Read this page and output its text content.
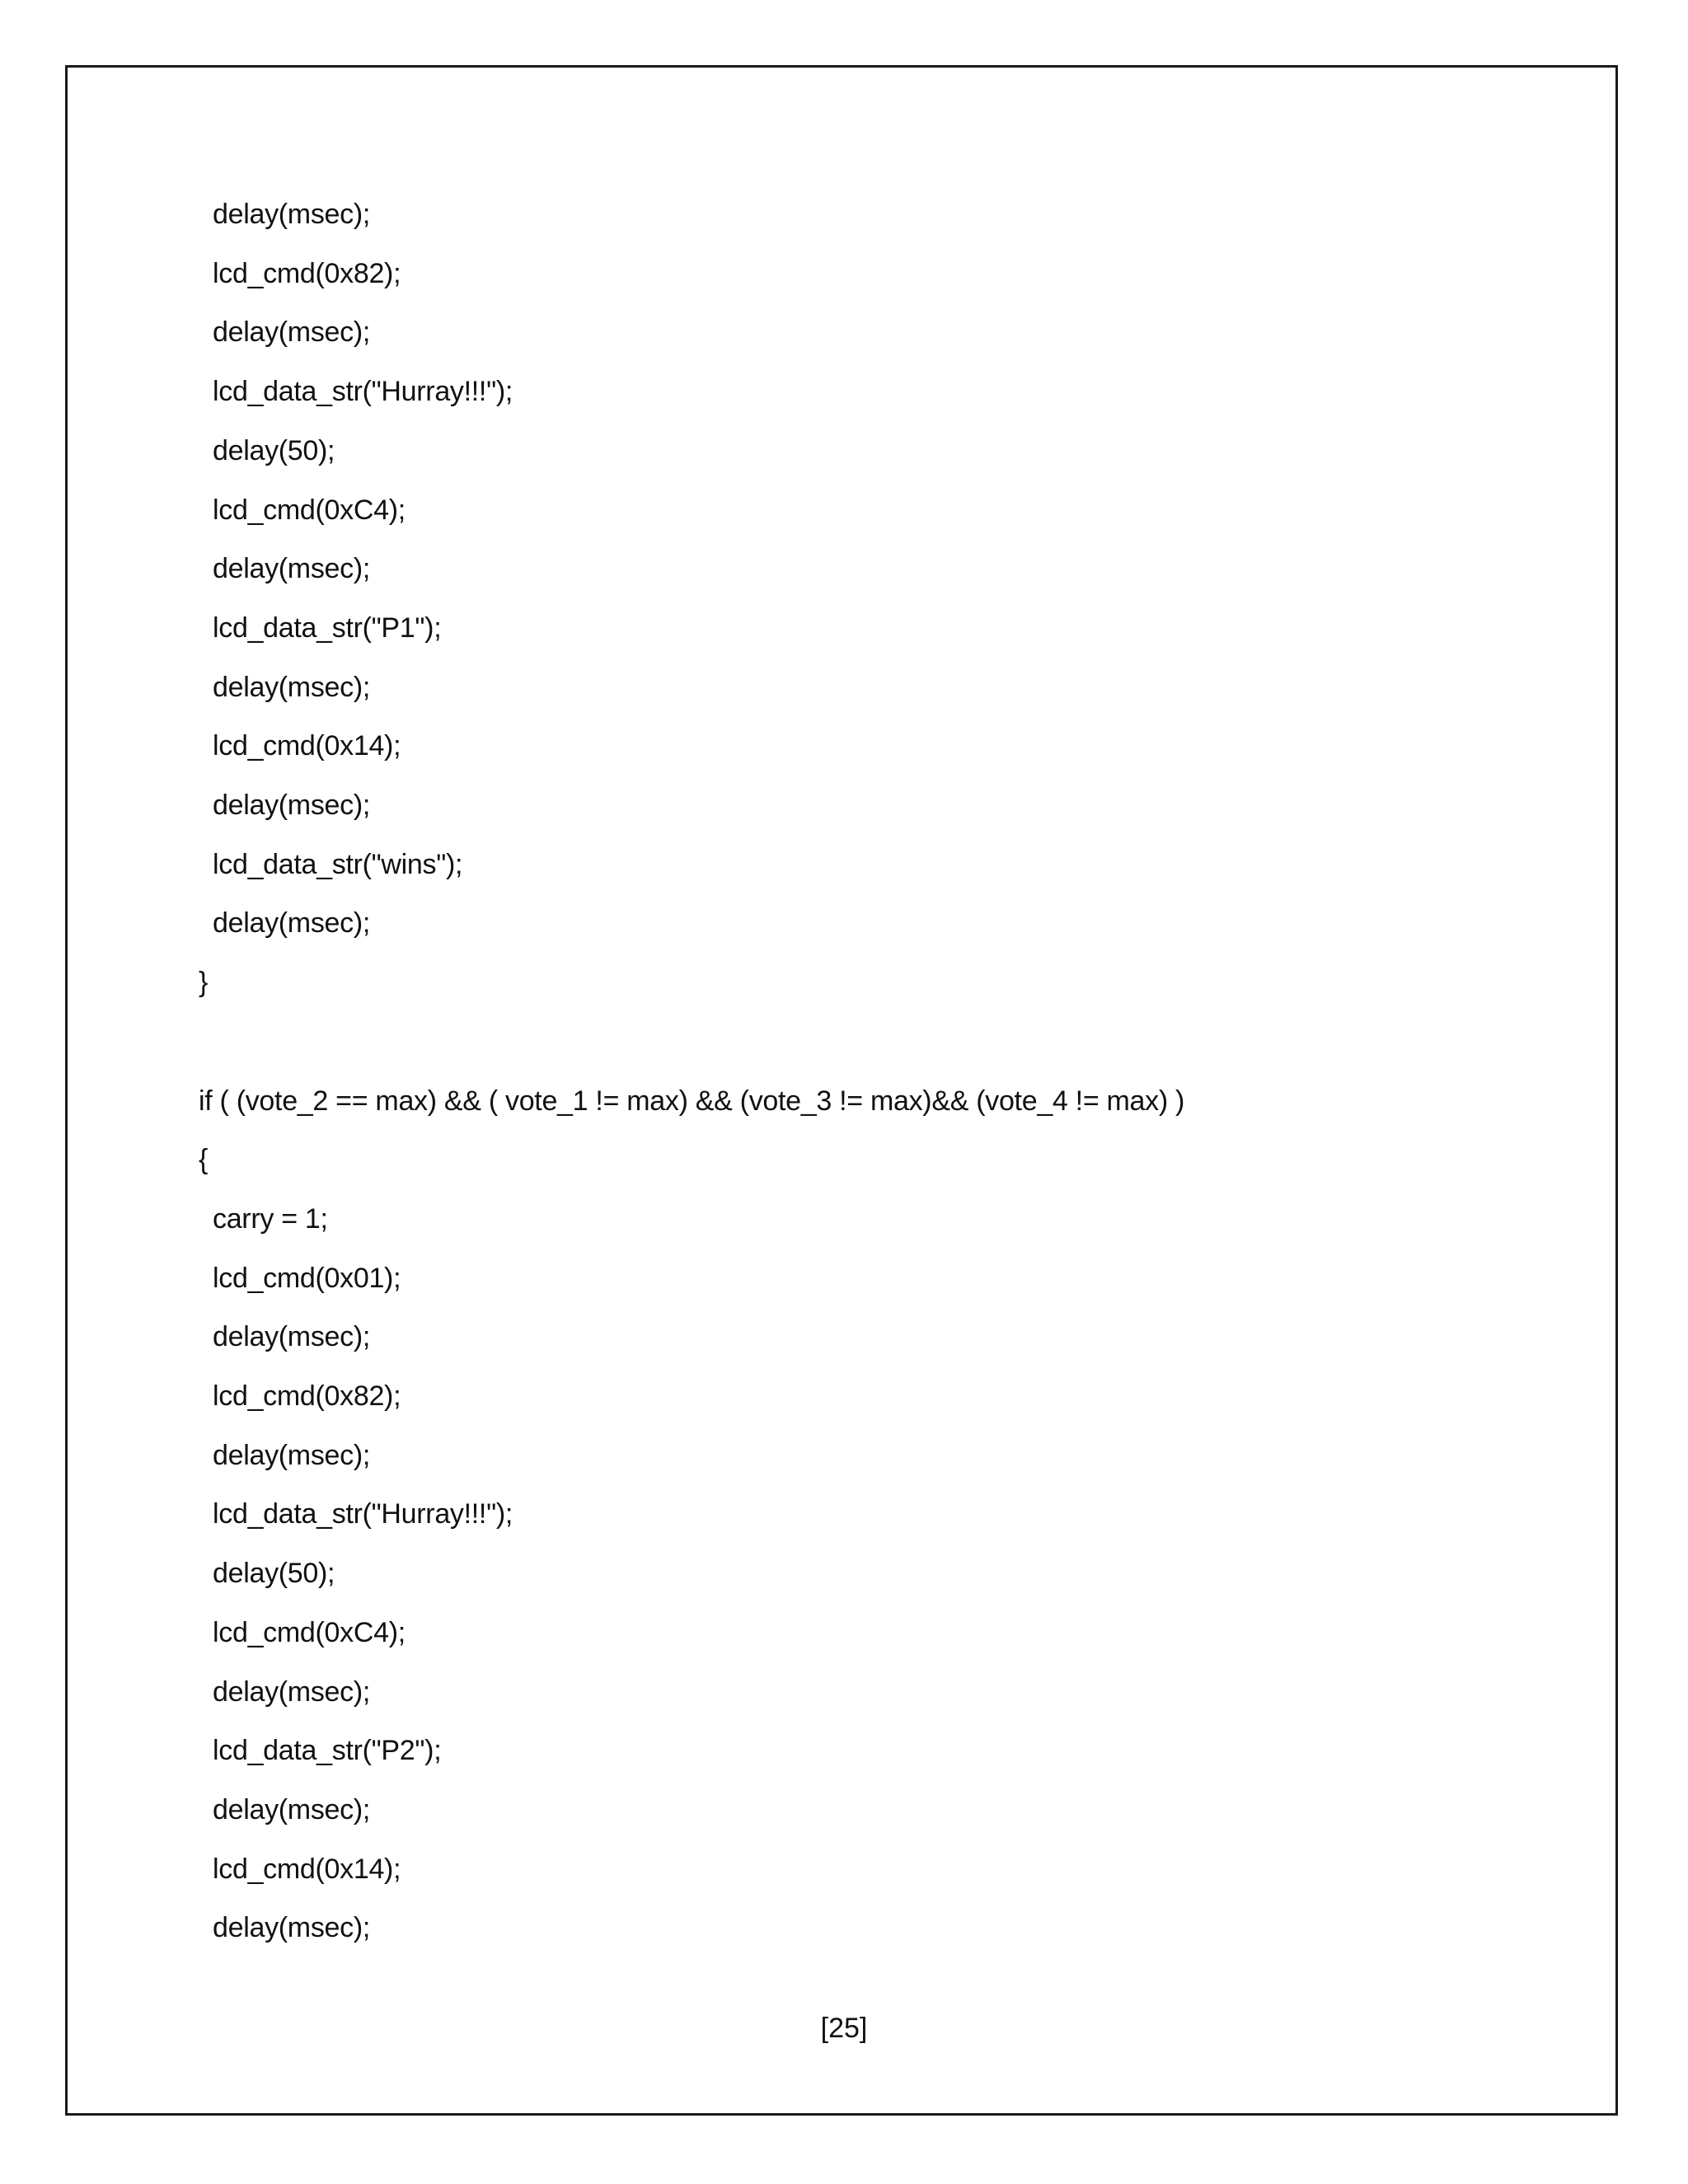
delay(msec);
lcd_cmd(0x82);
delay(msec);
lcd_data_str("Hurray!!!");
delay(50);
lcd_cmd(0xC4);
delay(msec);
lcd_data_str("P1");
delay(msec);
lcd_cmd(0x14);
delay(msec);
lcd_data_str("wins");
delay(msec);
}
if ( (vote_2 == max) && ( vote_1 != max) && (vote_3 != max)&& (vote_4 != max) )
{
carry = 1;
lcd_cmd(0x01);
delay(msec);
lcd_cmd(0x82);
delay(msec);
lcd_data_str("Hurray!!!");
delay(50);
lcd_cmd(0xC4);
delay(msec);
lcd_data_str("P2");
delay(msec);
lcd_cmd(0x14);
delay(msec);
[25]
